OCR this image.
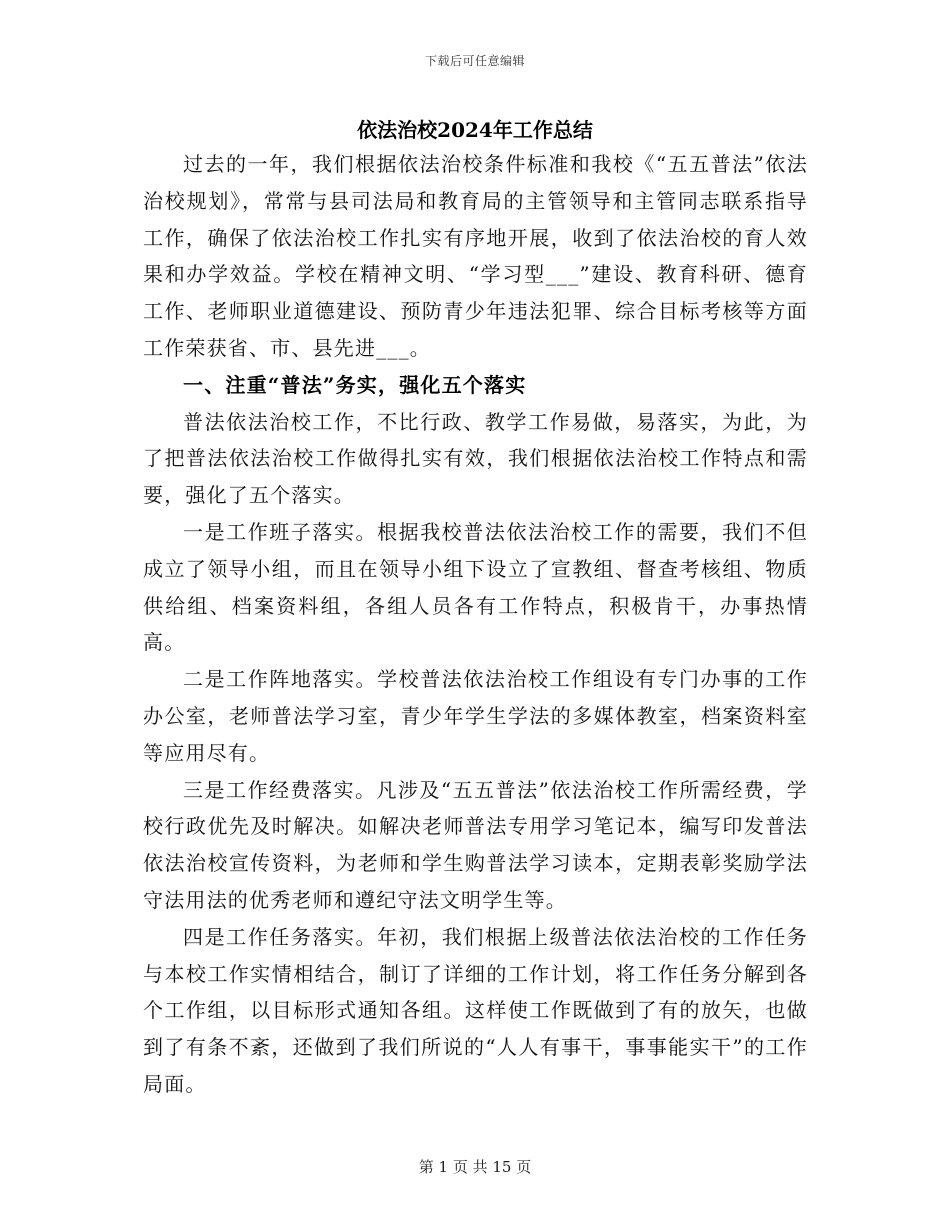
下载后可任意编辑
依法治校2024年工作总结

过去的一年，我们根据依法治校条件标准和我校《“五五普法”依法治校规划》，常常与县司法局和教育局的主管领导和主管同志联系指导工作，确保了依法治校工作扎实有序地开展，收到了依法治校的育人效果和办学效益。学校在精神文明、“学习型___”建设、教育科研、德育工作、老师职业道德建设、预防青少年违法犯罪、综合目标考核等方面工作荣获省、市、县先进___。

一、注重“普法”务实，强化五个落实

普法依法治校工作，不比行政、教学工作易做，易落实，为此，为了把普法依法治校工作做得扎实有效，我们根据依法治校工作特点和需要，强化了五个落实。

一是工作班子落实。根据我校普法依法治校工作的需要，我们不但成立了领导小组，而且在领导小组下设立了宣教组、督查考核组、物质供给组、档案资料组，各组人员各有工作特点，积极肯干，办事热情高。

二是工作阵地落实。学校普法依法治校工作组设有专门办事的工作办公室，老师普法学习室，青少年学生学法的多媒体教室，档案资料室等应用尽有。

三是工作经费落实。凡涉及“五五普法”依法治校工作所需经费，学校行政优先及时解决。如解决老师普法专用学习笔记本，编写印发普法依法治校宣传资料，为老师和学生购普法学习读本，定期表彰奖励学法守法用法的优秀老师和遵纪守法文明学生等。

四是工作任务落实。年初，我们根据上级普法依法治校的工作任务与本校工作实情相结合，制订了详细的工作计划，将工作任务分解到各个工作组，以目标形式通知各组。这样使工作既做到了有的放矢，也做到了有条不紊，还做到了我们所说的“人人有事干，事事能实干”的工作局面。

第 1 页 共 15 页
